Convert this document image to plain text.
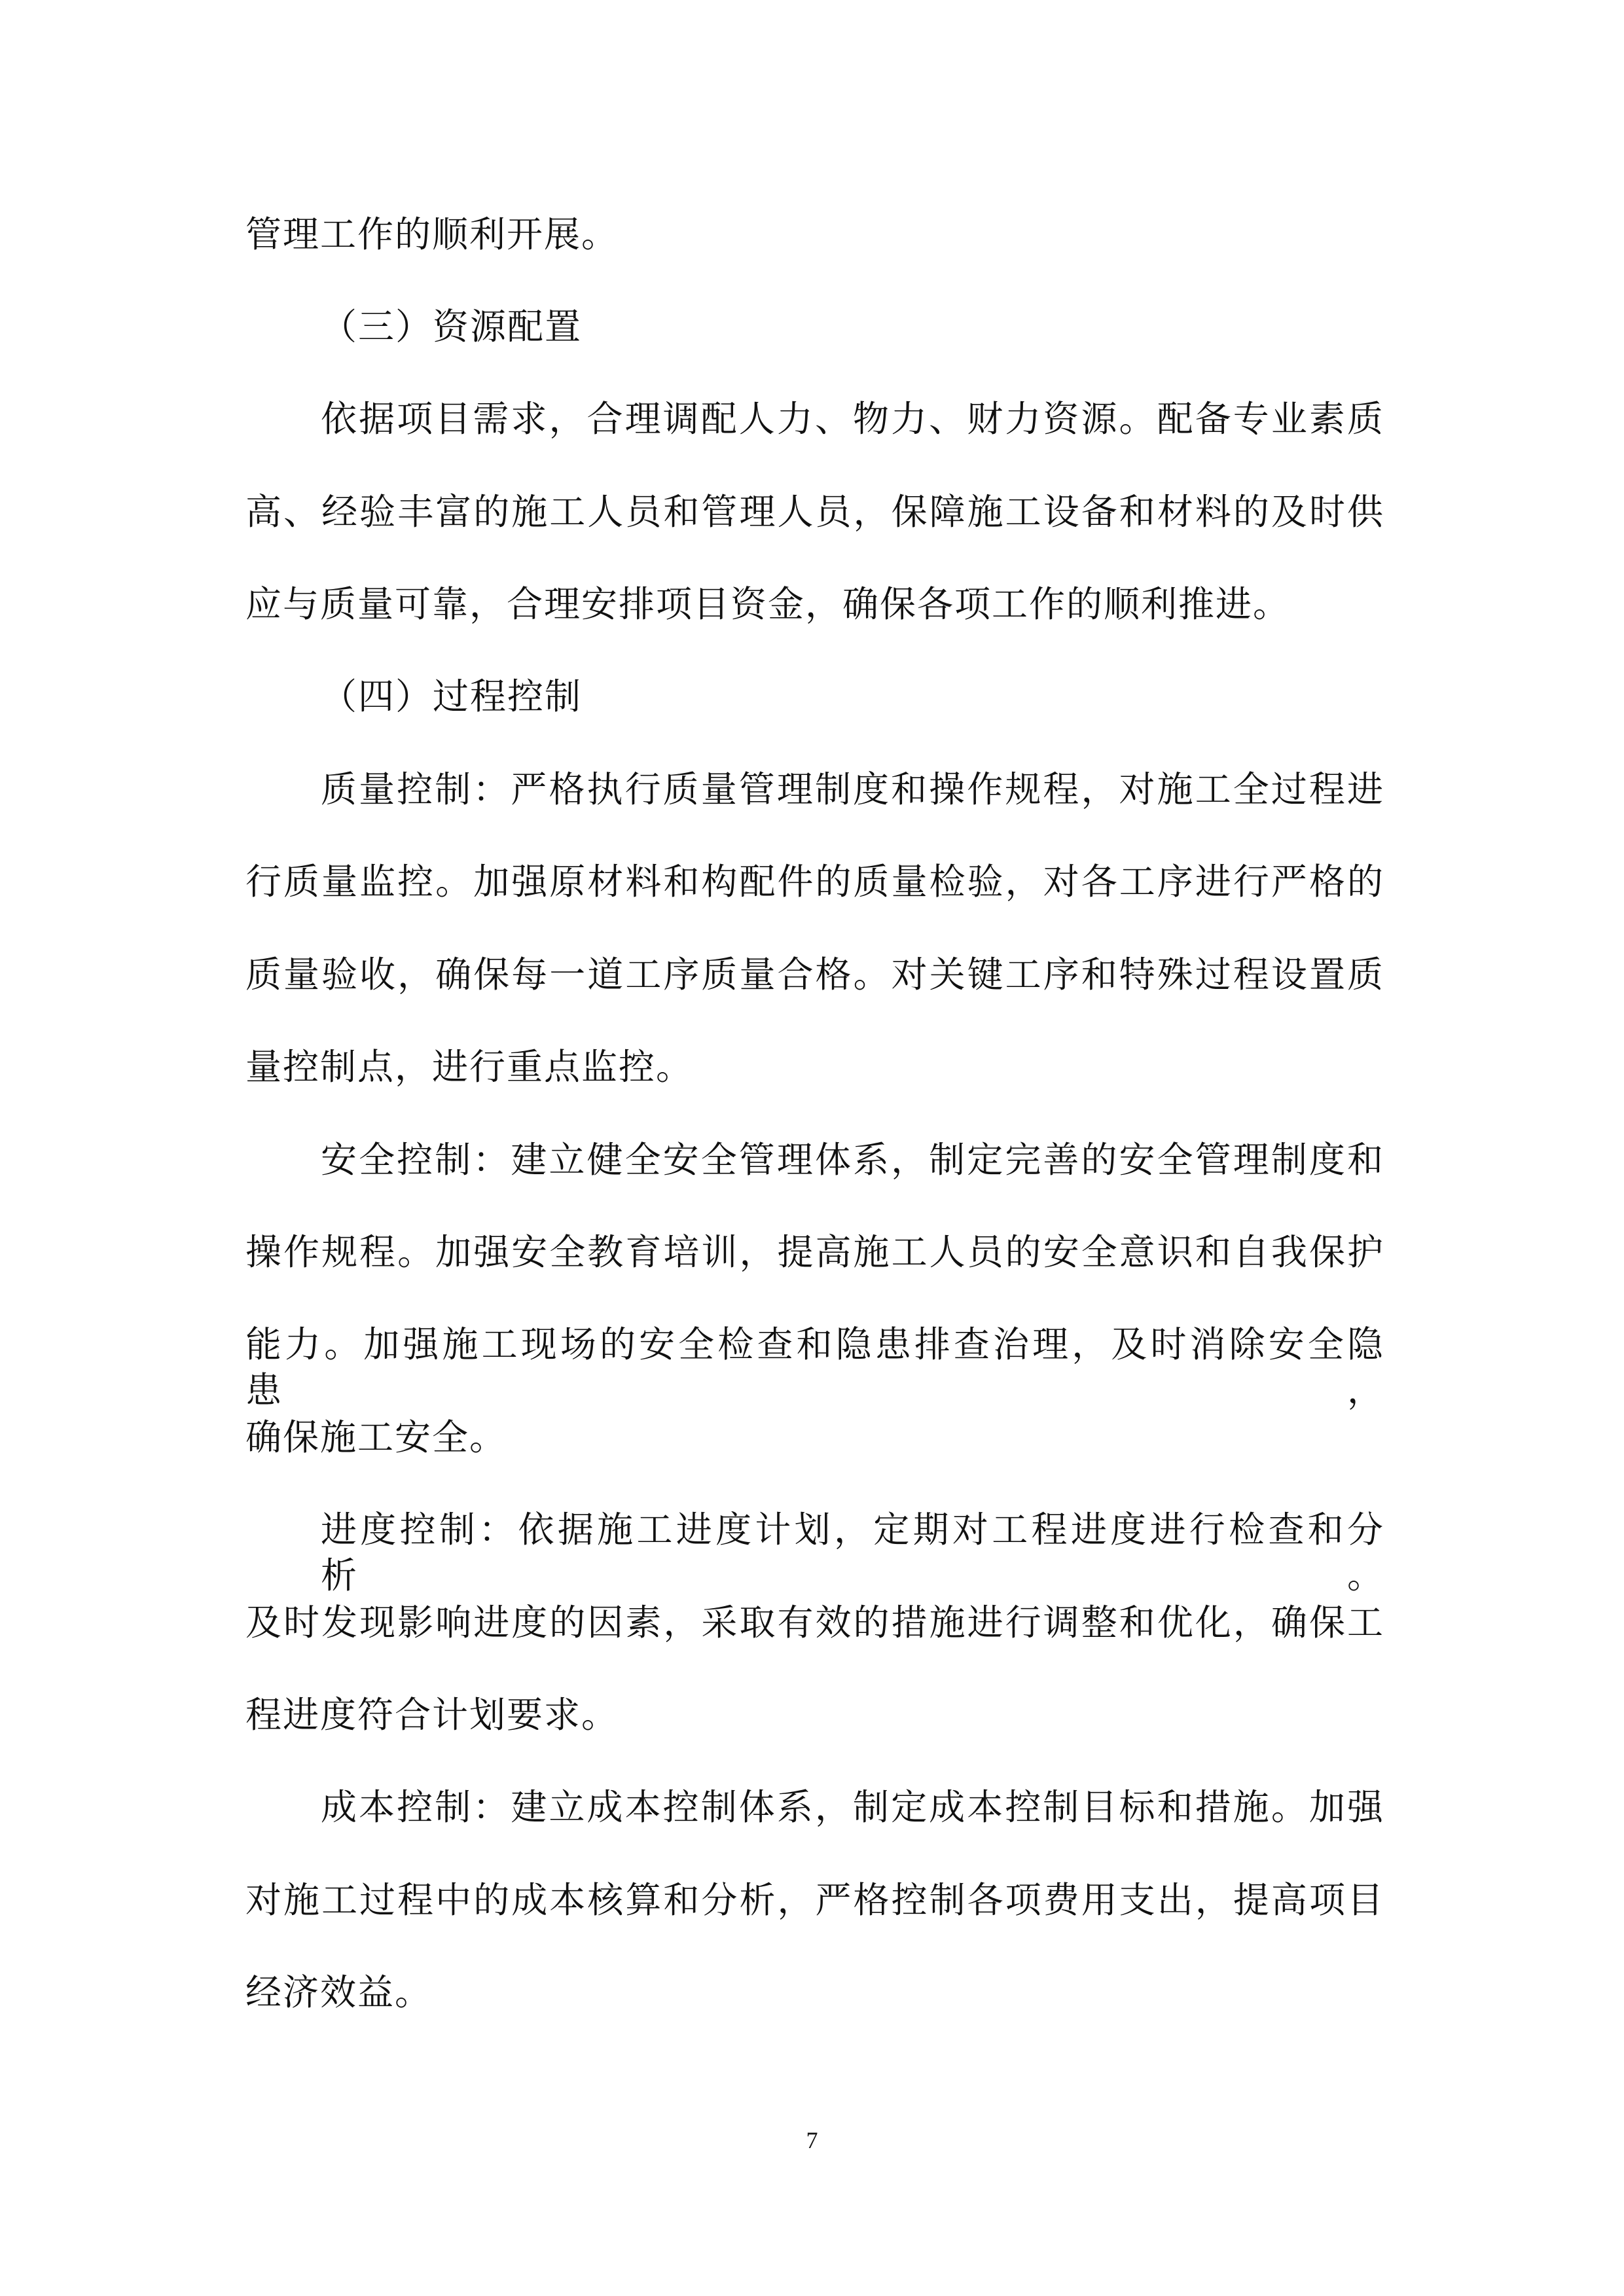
管理工作的顺利开展。
（三）资源配置
依据项目需求，合理调配人力、物力、财力资源。配备专业素质
高、经验丰富的施工人员和管理人员，保障施工设备和材料的及时供
应与质量可靠，合理安排项目资金，确保各项工作的顺利推进。
（四）过程控制
质量控制：严格执行质量管理制度和操作规程，对施工全过程进
行质量监控。加强原材料和构配件的质量检验，对各工序进行严格的
质量验收，确保每一道工序质量合格。对关键工序和特殊过程设置质
量控制点，进行重点监控。
安全控制：建立健全安全管理体系，制定完善的安全管理制度和
操作规程。加强安全教育培训，提高施工人员的安全意识和自我保护
能力。加强施工现场的安全检查和隐患排查治理，及时消除安全隐患，
确保施工安全。
进度控制：依据施工进度计划，定期对工程进度进行检查和分析。
及时发现影响进度的因素，采取有效的措施进行调整和优化，确保工
程进度符合计划要求。
成本控制：建立成本控制体系，制定成本控制目标和措施。加强
对施工过程中的成本核算和分析，严格控制各项费用支出，提高项目
经济效益。
7
